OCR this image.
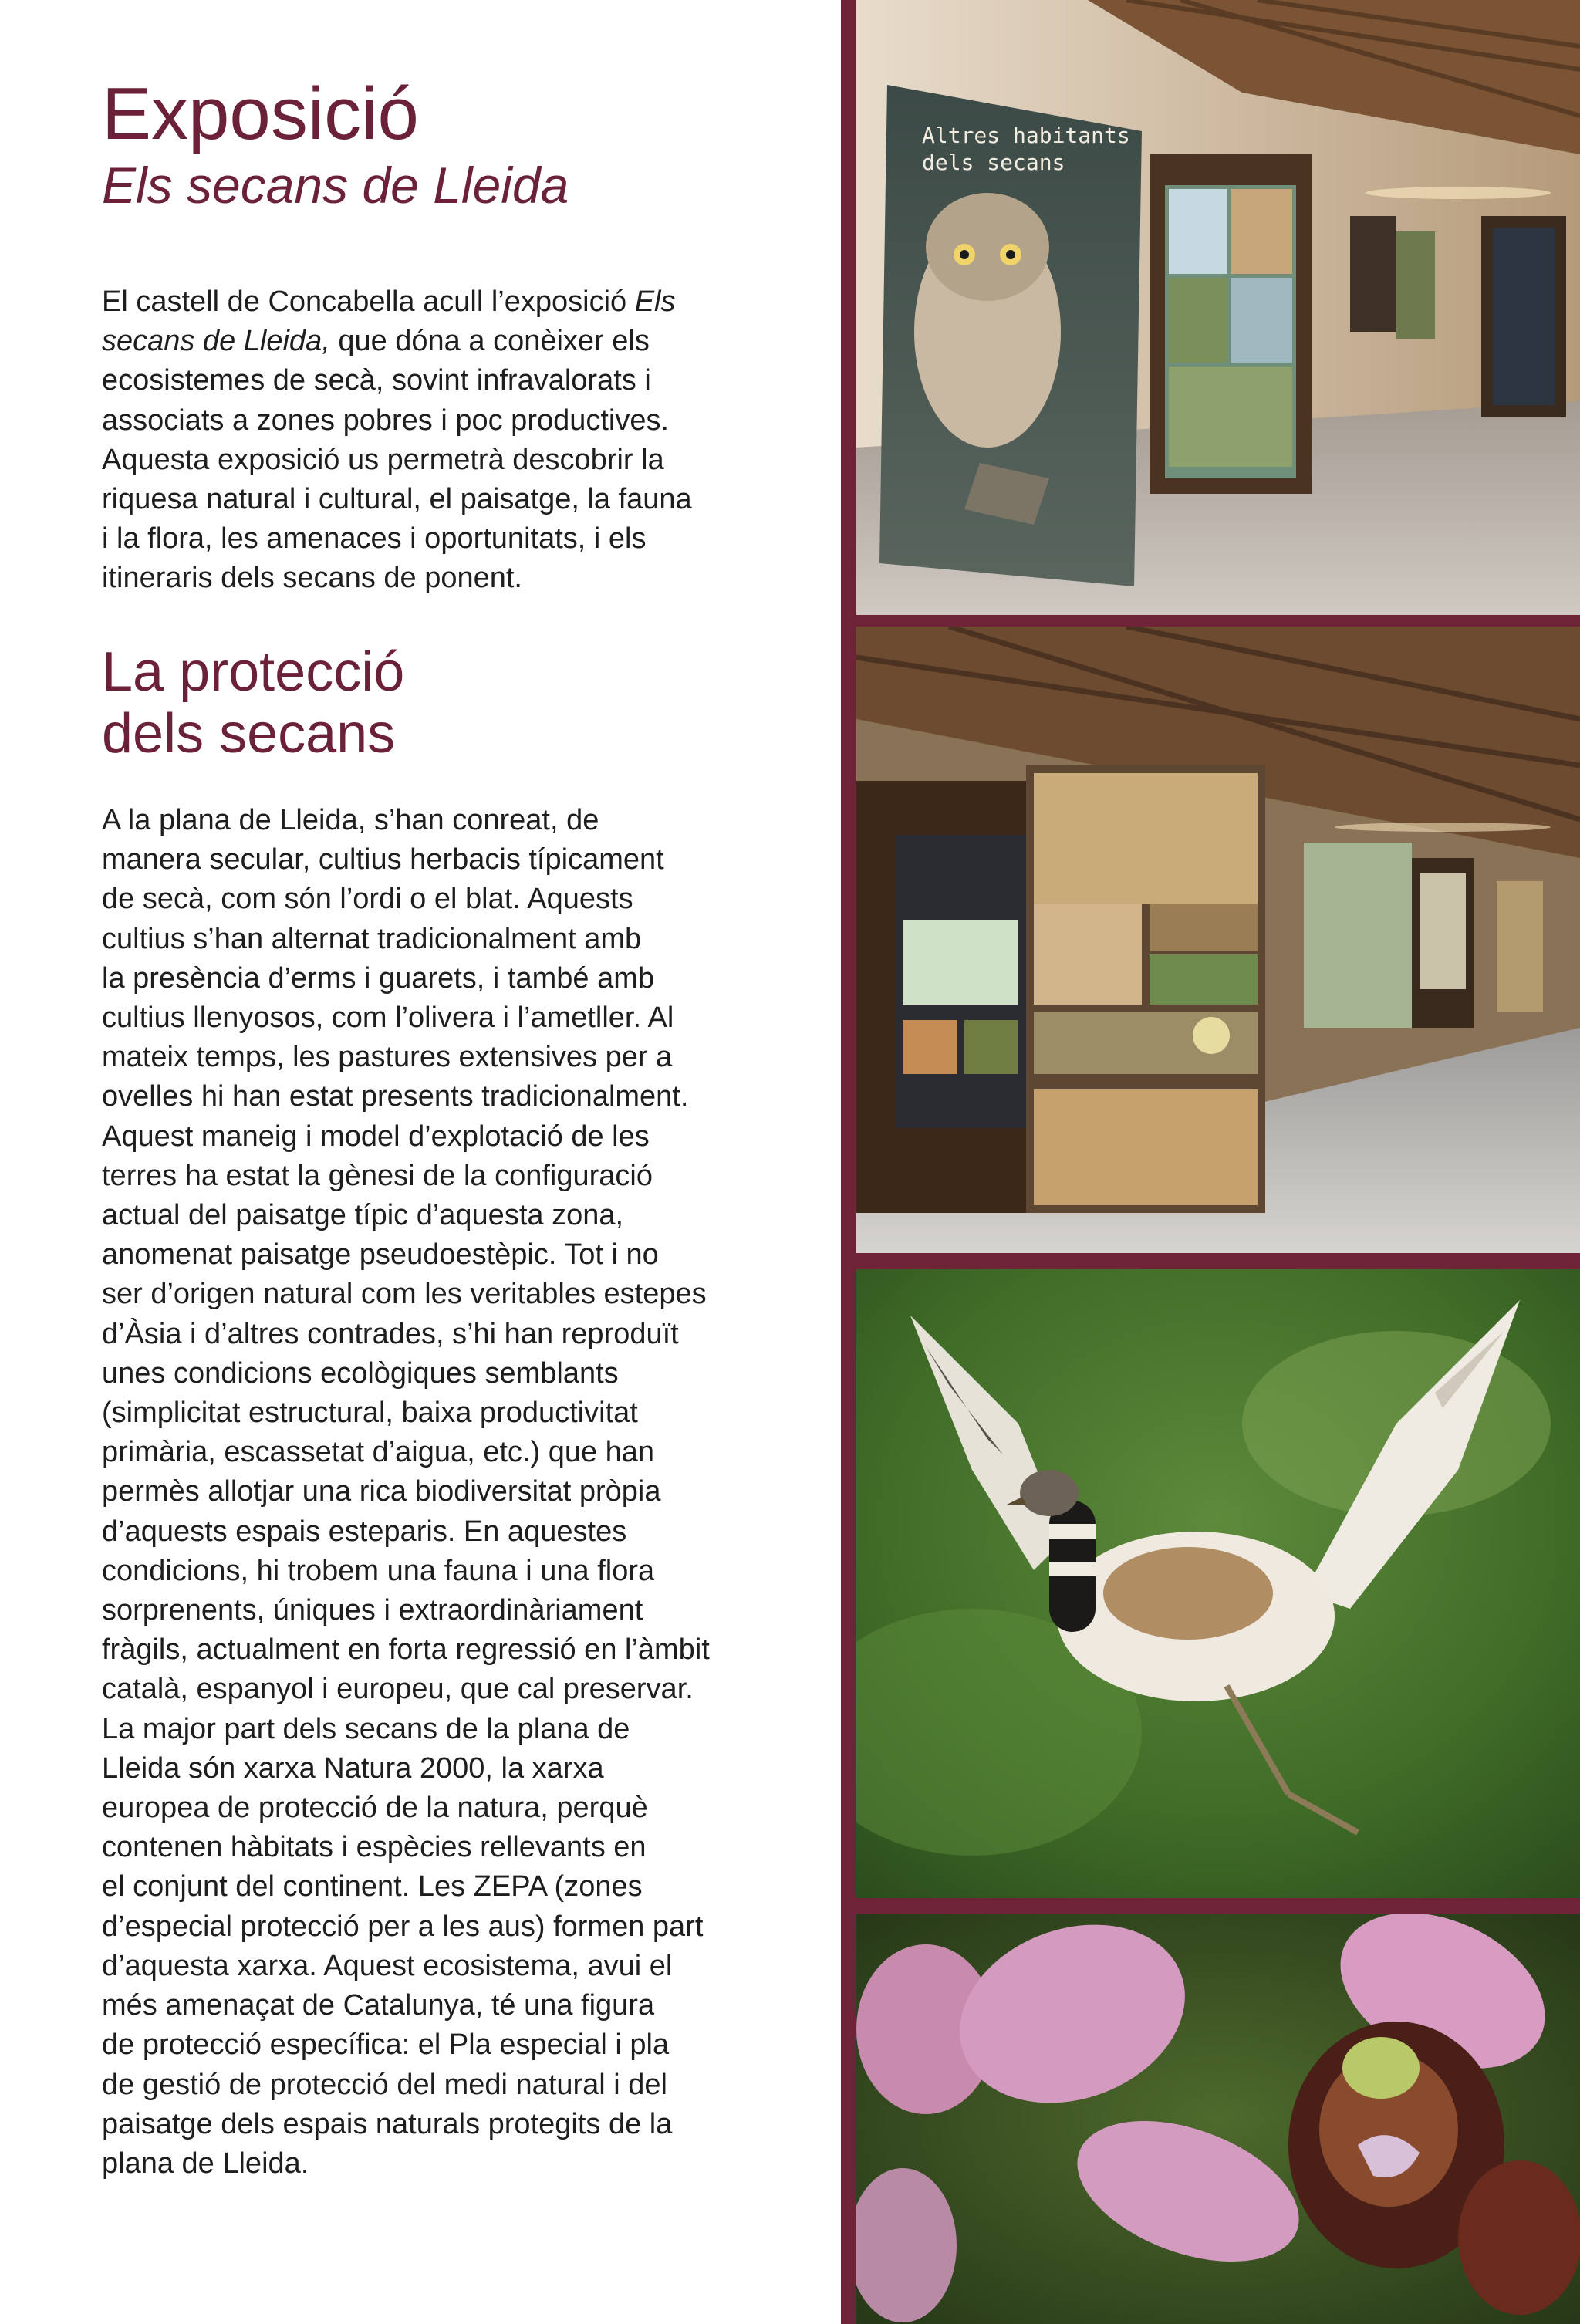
Exposició
Els secans de Lleida

El castell de Concabella acull l’exposició Els
secans de Lleida, que dóna a conèixer els
ecosistemes de secà, sovint infravalorats i
associats a zones pobres i poc productives.
Aquesta exposició us permetrà descobrir la
riquesa natural i cultural, el paisatge, la fauna
i la flora, les amenaces i oportunitats, i els
itineraris dels secans de ponent.

La protecció
dels secans

A la plana de Lleida, s’han conreat, de
manera secular, cultius herbacis típicament
de secà, com són l’ordi o el blat. Aquests
cultius s’han alternat tradicionalment amb
la presència d’erms i guarets, i també amb
cultius llenyosos, com l’olivera i l’ametller. Al
mateix temps, les pastures extensives per a
ovelles hi han estat presents tradicionalment.
Aquest maneig i model d’explotació de les
terres ha estat la gènesi de la configuració
actual del paisatge típic d’aquesta zona,
anomenat paisatge pseudoestèpic. Tot i no
ser d’origen natural com les veritables estepes
d’Àsia i d’altres contrades, s’hi han reproduït
unes condicions ecològiques semblants
(simplicitat estructural, baixa productivitat
primària, escassetat d’aigua, etc.) que han
permès allotjar una rica biodiversitat pròpia
d’aquests espais esteparis. En aquestes
condicions, hi trobem una fauna i una flora
sorprenents, úniques i extraordinàriament
fràgils, actualment en forta regressió en l’àmbit
català, espanyol i europeu, que cal preservar.
La major part dels secans de la plana de
Lleida són xarxa Natura 2000, la xarxa
europea de protecció de la natura, perquè
contenen hàbitats i espècies rellevants en
el conjunt del continent. Les ZEPA (zones
d’especial protecció per a les aus) formen part
d’aquesta xarxa. Aquest ecosistema, avui el
més amenaçat de Catalunya, té una figura
de protecció específica: el Pla especial i pla
de gestió de protecció del medi natural i del
paisatge dels espais naturals protegits de la
plana de Lleida.

Altres habitants
dels secans
